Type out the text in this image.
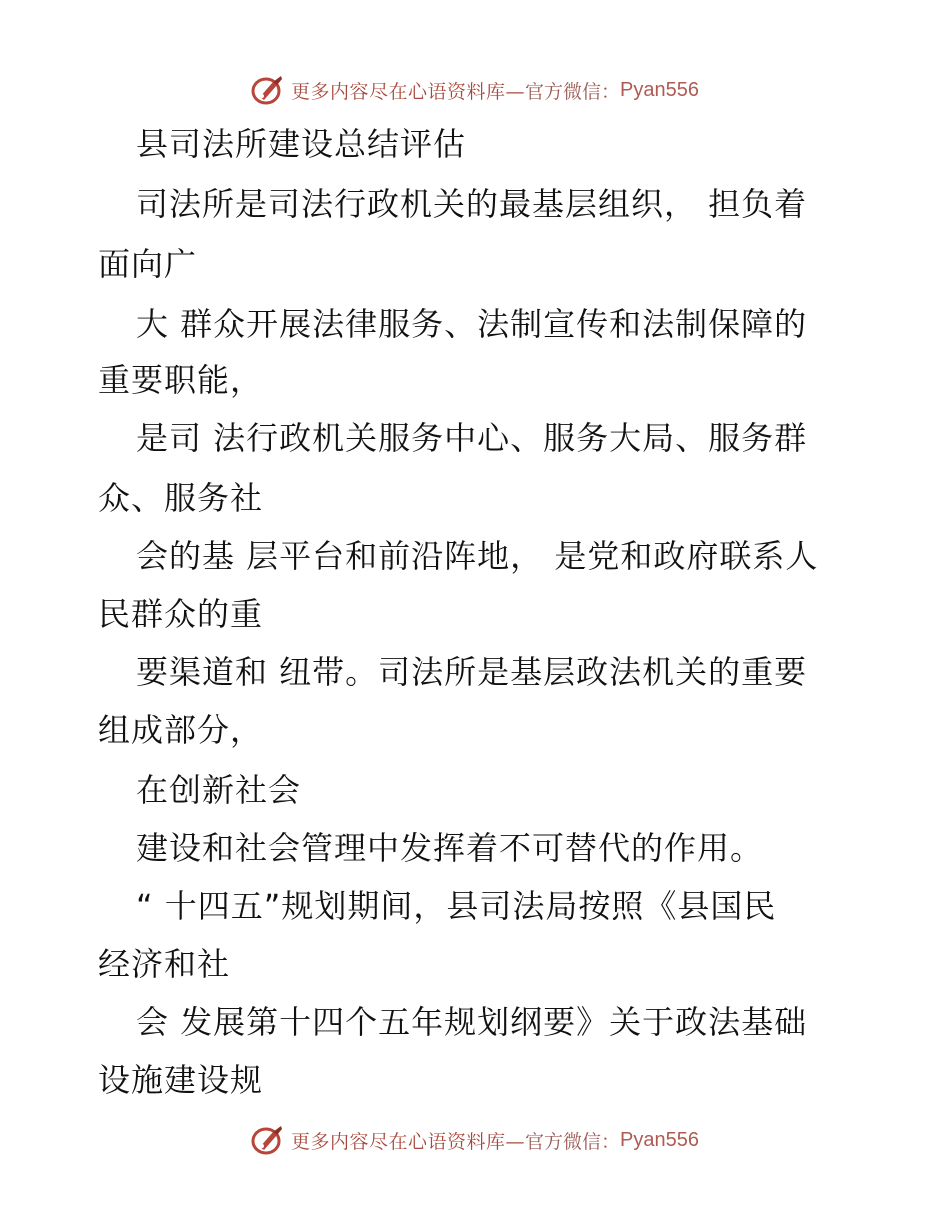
更多内容尽在心语资料库— 官方微信： Pyan556
县司法所建设总结评估
司法所是司法行政机关的最基层组织， 担负着
面向广
大 群众开展法律服务、法制宣传和法制保障的
重要职能，
是司 法行政机关服务中心、服务大局、服务群
众、服务社
会的基 层平台和前沿阵地， 是党和政府联系人
民群众的重
要渠道和 纽带。司法所是基层政法机关的重要
组成部分，
在创新社会
建设和社会管理中发挥着不可替代的作用。
“ 十四五”规划期间，县司法局按照《县国民
经济和社
会 发展第十四个五年规划纲要》关于政法基础
设施建设规
更多内容尽在心语资料库— 官方微信： Pyan556
